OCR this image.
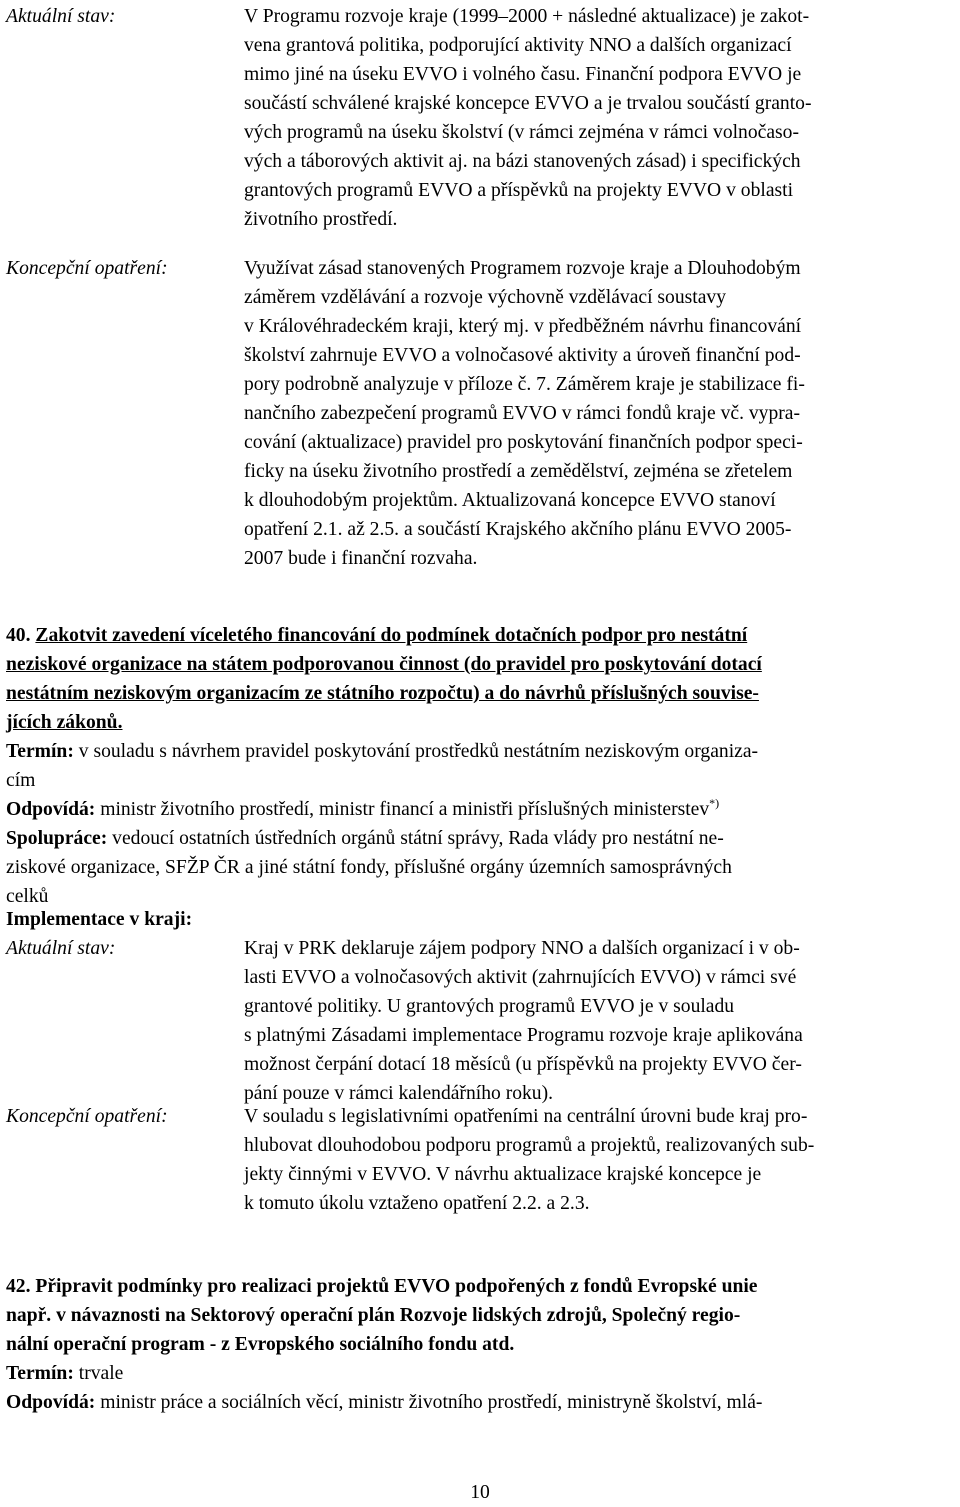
Aktuální stav:	V Programu rozvoje kraje (1999–2000 + následné aktualizace) je zakot-
vena grantová politika, podporující aktivity NNO a dalších organizací
mimo jiné na úseku EVVO i volného času. Finanční podpora EVVO je
součástí schválené krajské koncepce EVVO a je trvalou součástí granto-
vých programů na úseku školství (v rámci zejména v rámci volnočaso-
vých a táborových aktivit aj. na bázi stanovených zásad) i specifických
grantových programů EVVO a příspěvků na projekty EVVO v oblasti
životního prostředí.
Koncepční opatření:	Využívat zásad stanovených Programem rozvoje kraje a Dlouhodobým
záměrem vzdělávání a rozvoje výchovně vzdělávací soustavy
v Královéhradeckém kraji, který mj. v předběžném návrhu financování
školství zahrnuje EVVO a volnočasové aktivity a úroveň finanční pod-
pory podrobně analyzuje v příloze č. 7. Záměrem kraje je stabilizace fi-
nančního zabezpečení programů EVVO v rámci fondů kraje vč. vypra-
cování (aktualizace) pravidel pro poskytování finančních podpor speci-
ficky na úseku životního prostředí a zemědělství, zejména se zřetelem
k dlouhodobým projektům. Aktualizovaná koncepce EVVO stanoví
opatření 2.1. až 2.5. a součástí Krajského akčního plánu EVVO 2005-
2007 bude i finanční rozvaha.
40. Zakotvit zavedení víceletého financování do podmínek dotačních podpor pro nestátní
neziskové organizace na státem podporovanou činnost (do pravidel pro poskytování dotací
nestátním neziskovým organizacím ze státního rozpočtu) a do návrhů příslušných souvise-
jících zákonů.
Termín: v souladu s návrhem pravidel poskytování prostředků nestátním neziskovým organiza-
cím
Odpovídá: ministr životního prostředí, ministr financí a ministři příslušných ministerstev*)
Spolupráce: vedoucí ostatních ústředních orgánů státní správy, Rada vlády pro nestátní ne-
ziskové organizace, SFŽP ČR a jiné státní fondy, příslušné orgány územních samosprávných
celků
Implementace v kraji:
Aktuální stav:	Kraj v PRK deklaruje zájem podpory NNO a dalších organizací i v ob-
lasti EVVO a volnočasových aktivit (zahrnujících EVVO) v rámci své
grantové politiky. U grantových programů EVVO je v souladu
s platnými Zásadami implementace Programu rozvoje kraje aplikována
možnost čerpání dotací 18 měsíců (u příspěvků na projekty EVVO čer-
pání pouze v rámci kalendářního roku).
Koncepční opatření:	V souladu s legislativními opatřeními na centrální úrovni bude kraj pro-
hlubovat dlouhodobou podporu programů a projektů, realizovaných sub-
jekty činnými v EVVO. V návrhu aktualizace krajské koncepce je
k tomuto úkolu vztaženo opatření 2.2. a 2.3.
42. Připravit podmínky pro realizaci projektů EVVO podpořených z fondů Evropské unie
např. v návaznosti na Sektorový operační plán Rozvoje lidských zdrojů, Společný regio-
nální operační program - z Evropského sociálního fondu atd.
Termín: trvale
Odpovídá: ministr práce a sociálních věcí, ministr životního prostředí, ministryně školství, mlá-
10
